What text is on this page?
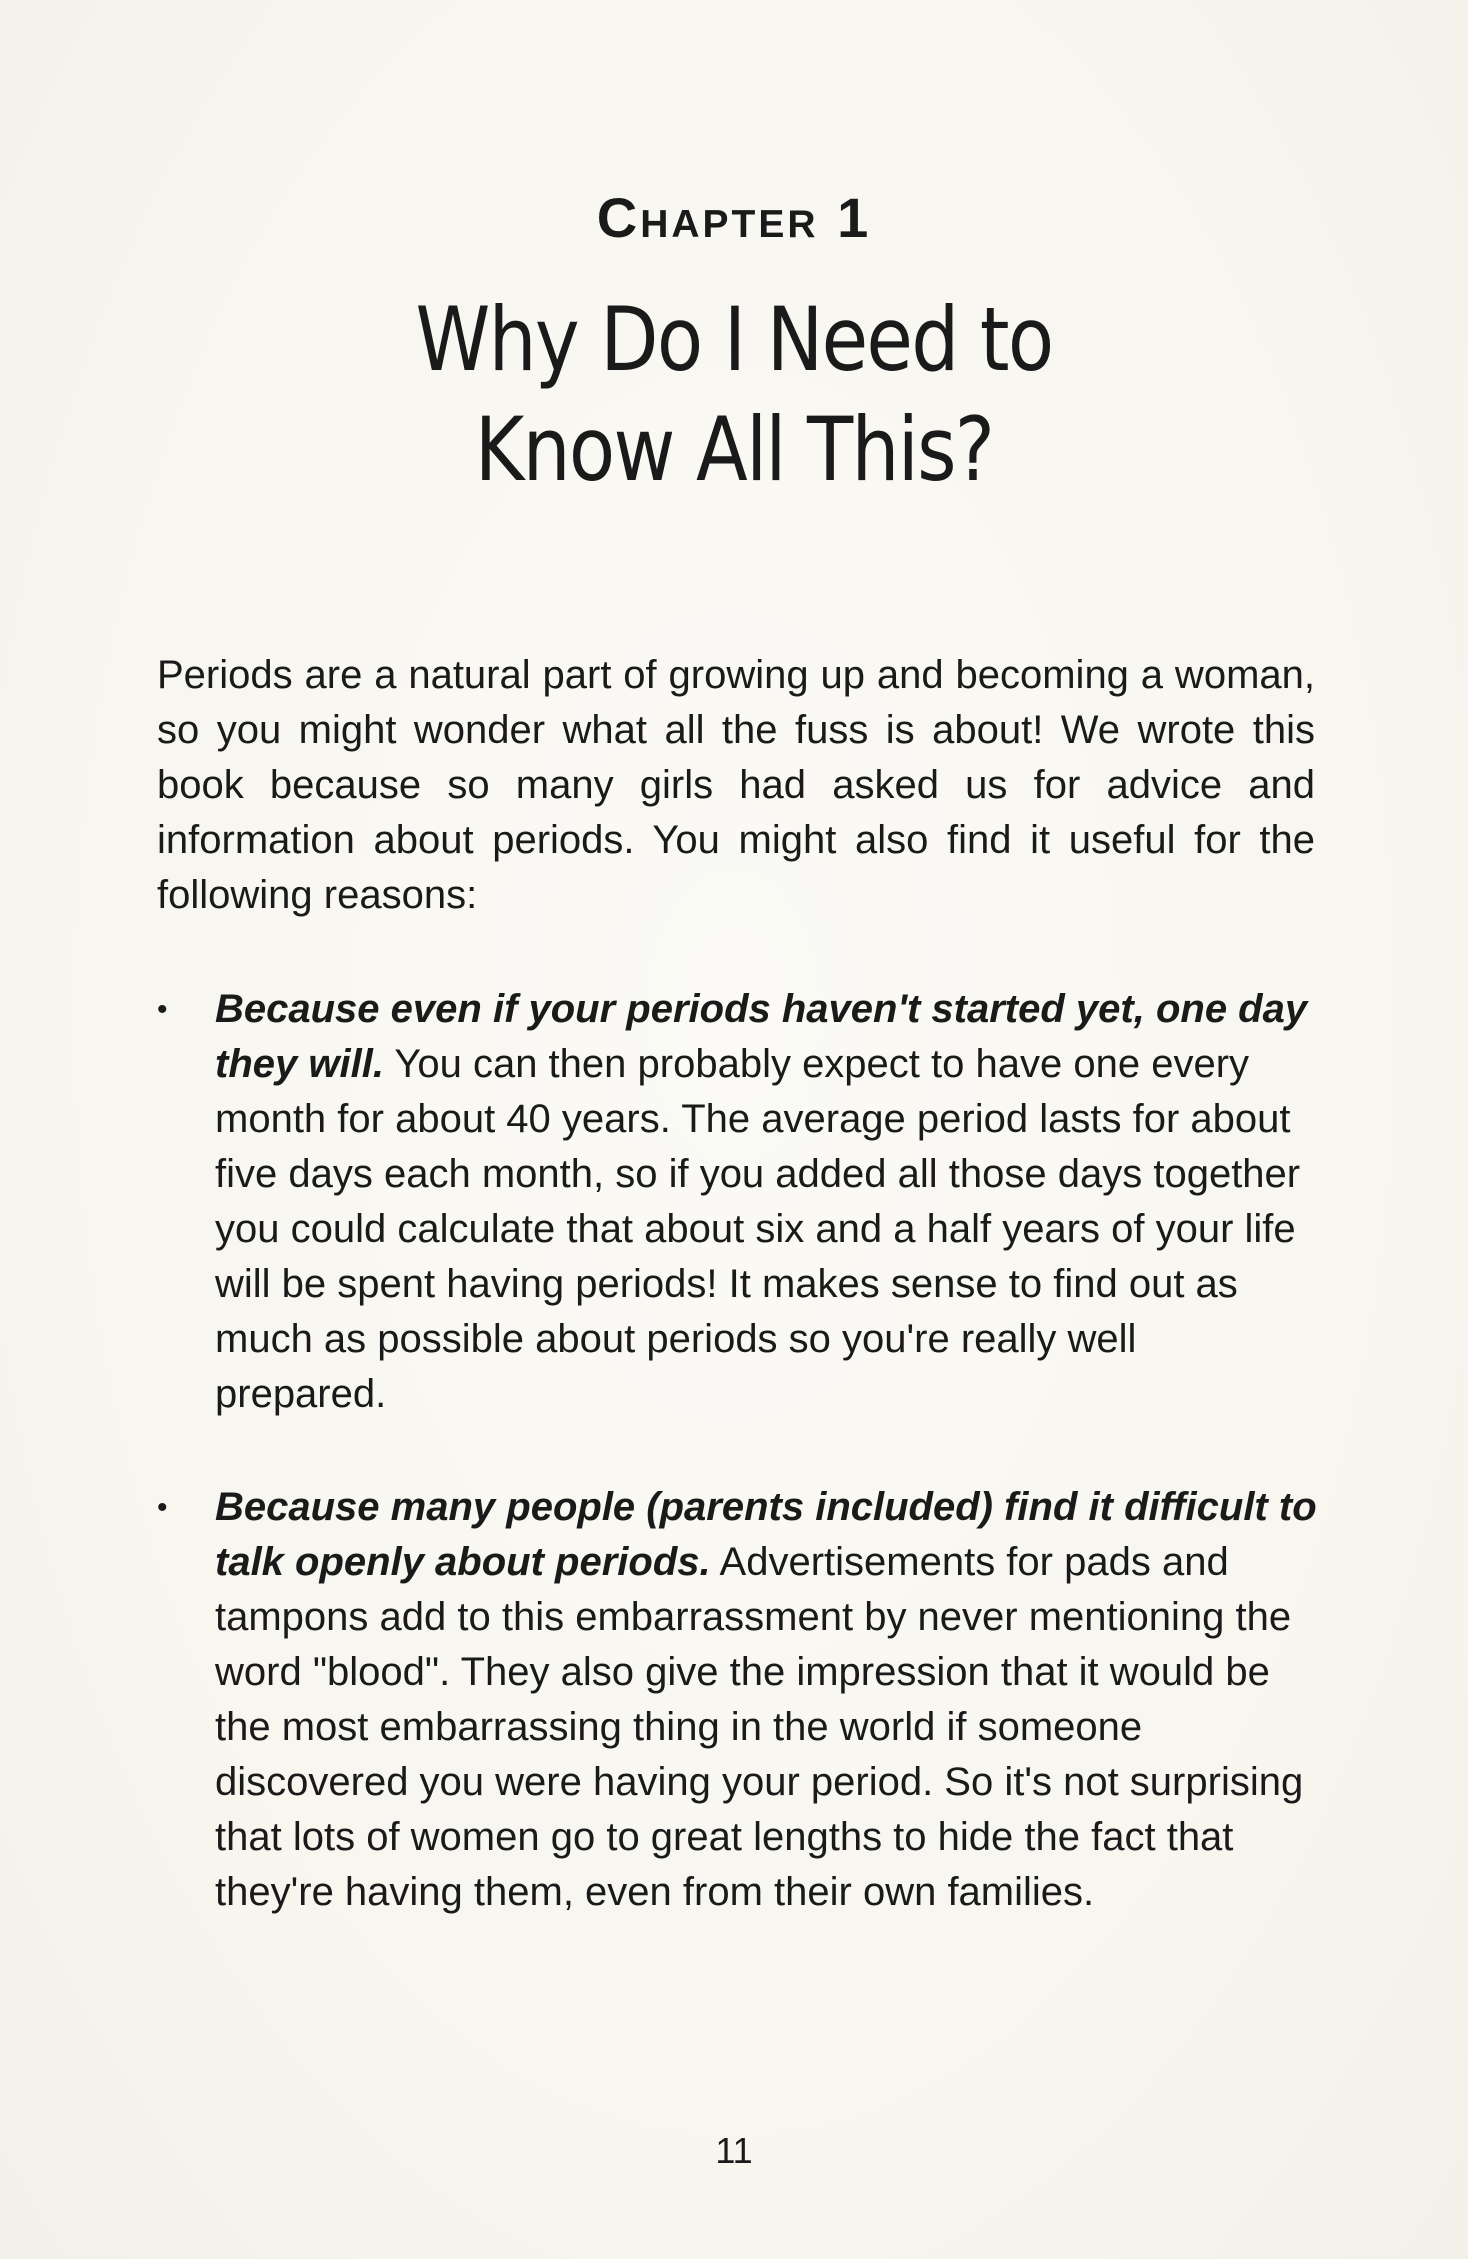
Chapter 1
Why Do I Need to
Know All This?

Periods are a natural part of growing up and becoming a woman, so you might wonder what all the fuss is about! We wrote this book because so many girls had asked us for advice and information about periods. You might also find it useful for the following reasons:

• Because even if your periods haven't started yet, one day they will. You can then probably expect to have one every month for about 40 years. The average period lasts for about five days each month, so if you added all those days together you could calculate that about six and a half years of your life will be spent having periods! It makes sense to find out as much as possible about periods so you're really well prepared.
• Because many people (parents included) find it difficult to talk openly about periods. Advertisements for pads and tampons add to this embarrassment by never mentioning the word "blood". They also give the impression that it would be the most embarrassing thing in the world if someone discovered you were having your period. So it's not surprising that lots of women go to great lengths to hide the fact that they're having them, even from their own families.
11
